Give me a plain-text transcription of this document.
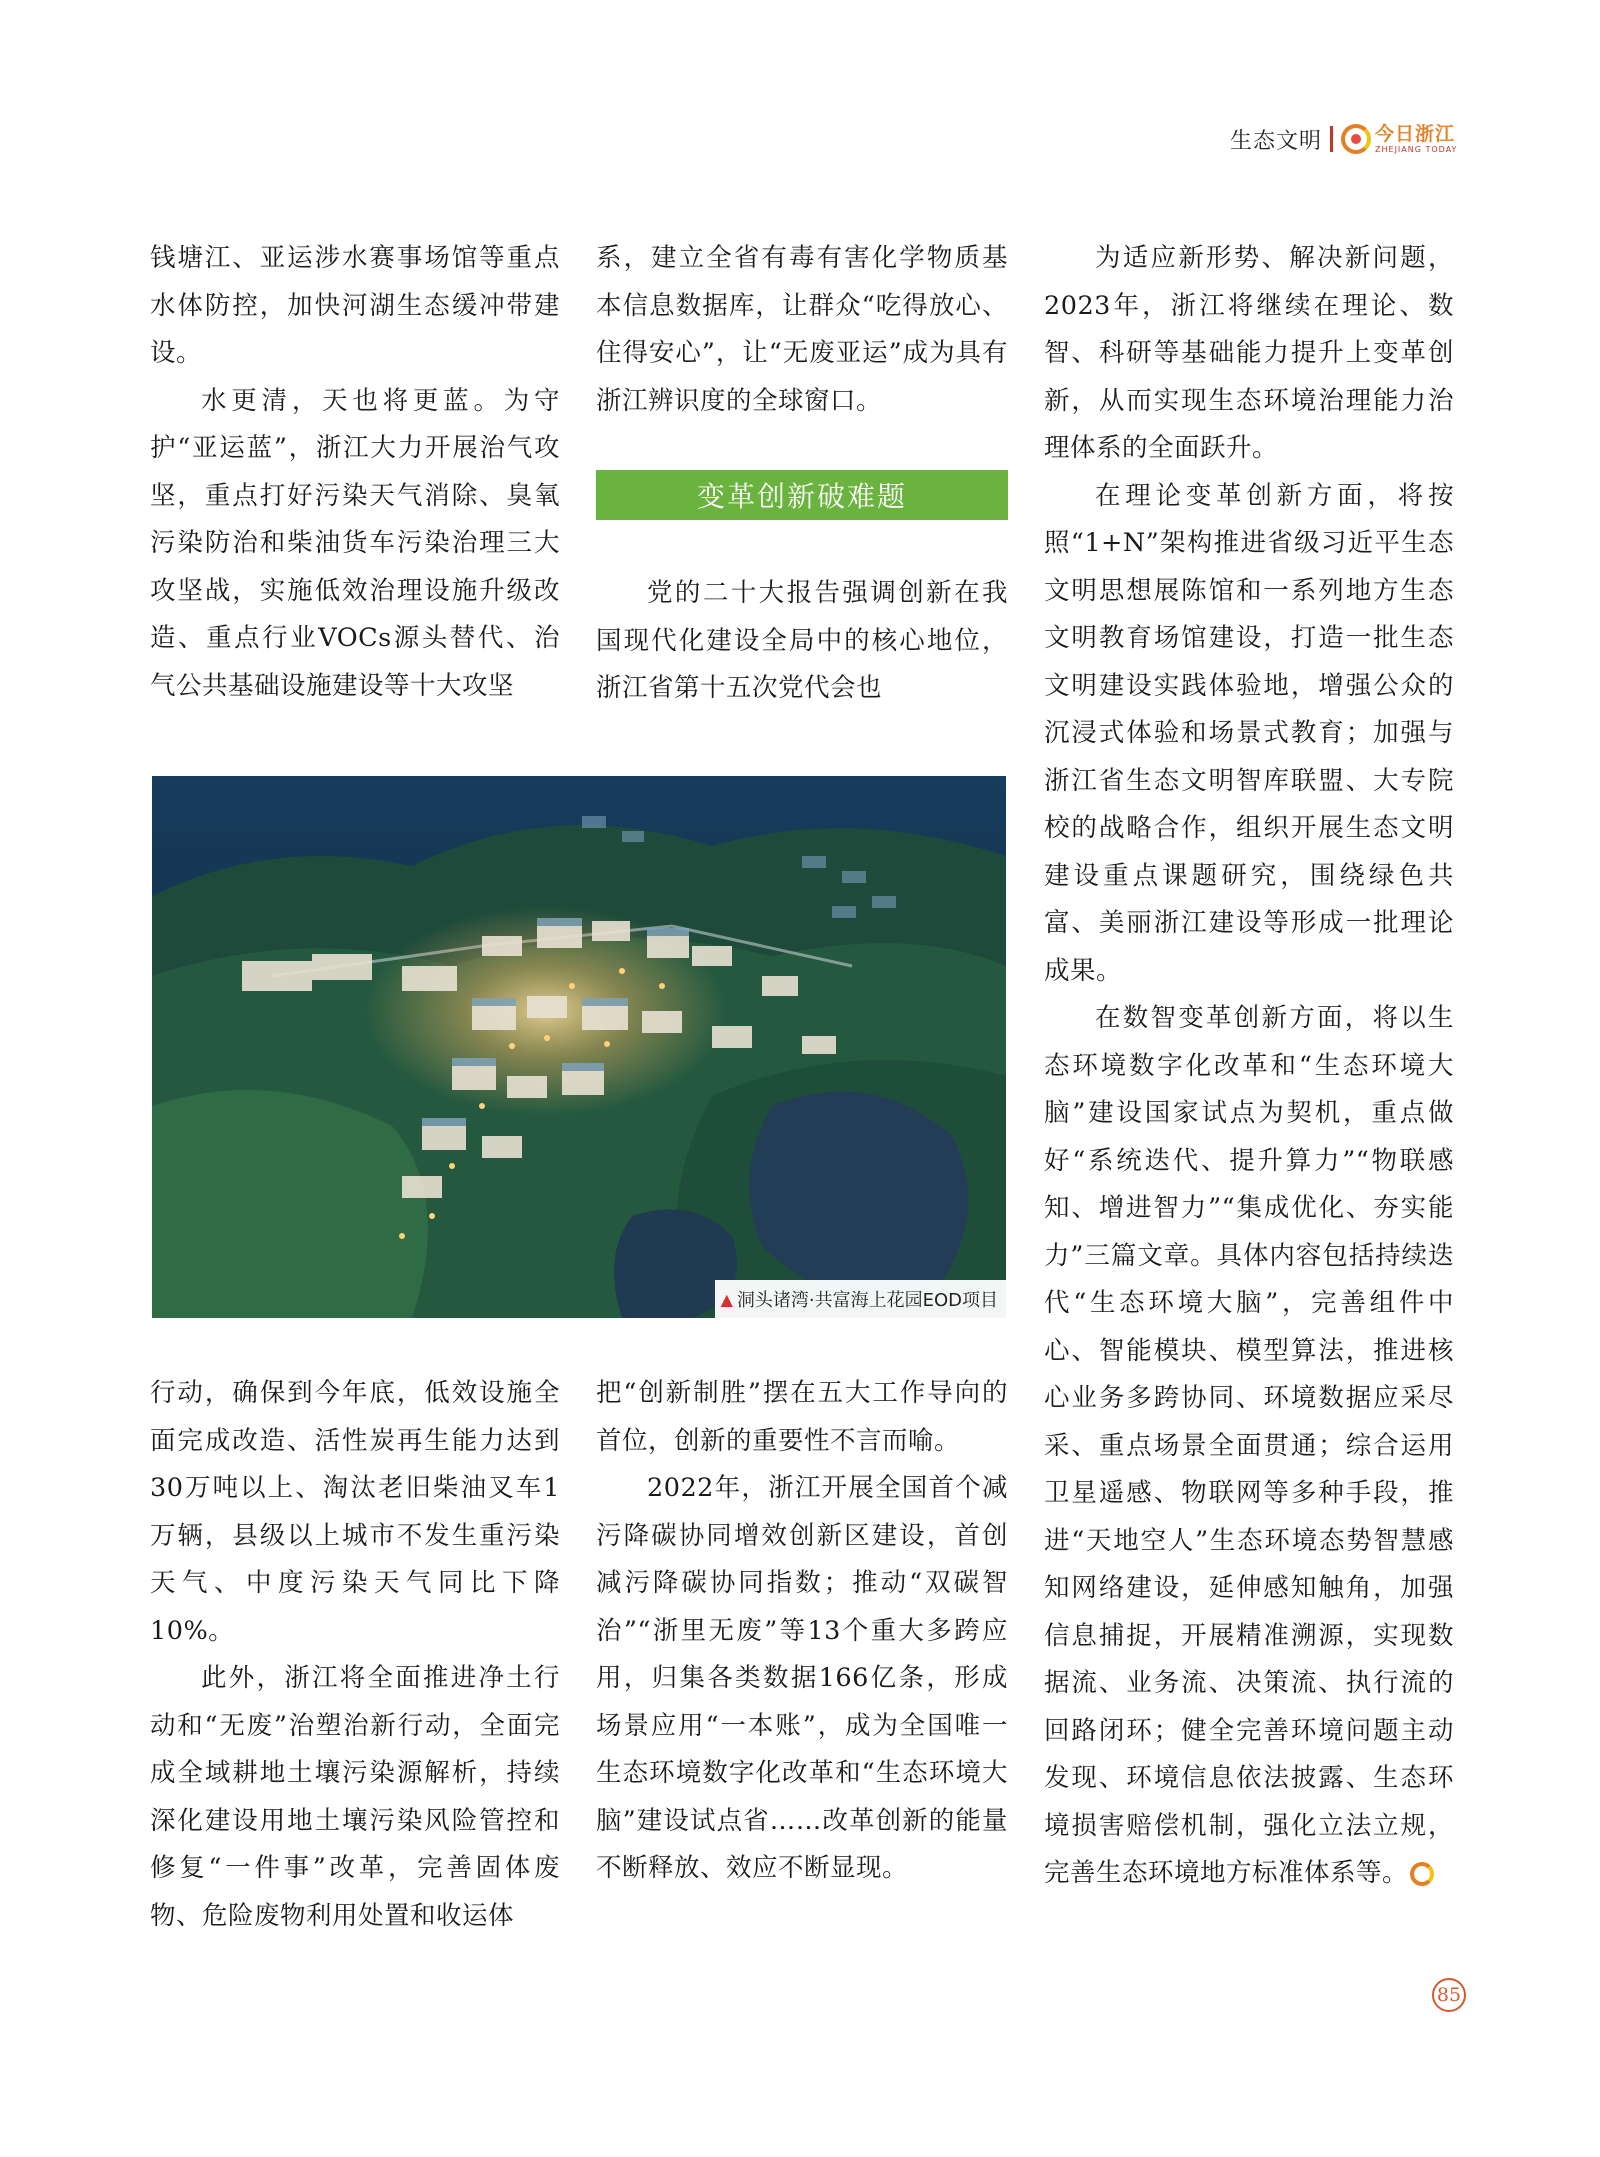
生态文明	今日浙江
ZHEJIANG TODAY

钱塘江、亚运涉水赛事场馆等重点水体防控，加快河湖生态缓冲带建设。

水更清，天也将更蓝。为守护“亚运蓝”，浙江大力开展治气攻坚，重点打好污染天气消除、臭氧污染防治和柴油货车污染治理三大攻坚战，实施低效治理设施升级改造、重点行业VOCs源头替代、治气公共基础设施建设等十大攻坚

系，建立全省有毒有害化学物质基本信息数据库，让群众“吃得放心、住得安心”，让“无废亚运”成为具有浙江辨识度的全球窗口。

变革创新破难题

党的二十大报告强调创新在我国现代化建设全局中的核心地位，浙江省第十五次党代会也

▲ 洞头诸湾·共富海上花园EOD项目

行动，确保到今年底，低效设施全面完成改造、活性炭再生能力达到30万吨以上、淘汰老旧柴油叉车1万辆，县级以上城市不发生重污染天气、中度污染天气同比下降10%。

此外，浙江将全面推进净土行动和“无废”治塑治新行动，全面完成全域耕地土壤污染源解析，持续深化建设用地土壤污染风险管控和修复“一件事”改革，完善固体废物、危险废物利用处置和收运体

把“创新制胜”摆在五大工作导向的首位，创新的重要性不言而喻。

2022年，浙江开展全国首个减污降碳协同增效创新区建设，首创减污降碳协同指数；推动“双碳智治”“浙里无废”等13个重大多跨应用，归集各类数据166亿条，形成场景应用“一本账”，成为全国唯一生态环境数字化改革和“生态环境大脑”建设试点省……改革创新的能量不断释放、效应不断显现。

为适应新形势、解决新问题，2023年，浙江将继续在理论、数智、科研等基础能力提升上变革创新，从而实现生态环境治理能力治理体系的全面跃升。

在理论变革创新方面，将按照“1+N”架构推进省级习近平生态文明思想展陈馆和一系列地方生态文明教育场馆建设，打造一批生态文明建设实践体验地，增强公众的沉浸式体验和场景式教育；加强与浙江省生态文明智库联盟、大专院校的战略合作，组织开展生态文明建设重点课题研究，围绕绿色共富、美丽浙江建设等形成一批理论成果。

在数智变革创新方面，将以生态环境数字化改革和“生态环境大脑”建设国家试点为契机，重点做好“系统迭代、提升算力”“物联感知、增进智力”“集成优化、夯实能力”三篇文章。具体内容包括持续迭代“生态环境大脑”，完善组件中心、智能模块、模型算法，推进核心业务多跨协同、环境数据应采尽采、重点场景全面贯通；综合运用卫星遥感、物联网等多种手段，推进“天地空人”生态环境态势智慧感知网络建设，延伸感知触角，加强信息捕捉，开展精准溯源，实现数据流、业务流、决策流、执行流的回路闭环；健全完善环境问题主动发现、环境信息依法披露、生态环境损害赔偿机制，强化立法立规，完善生态环境地方标准体系等。

85
